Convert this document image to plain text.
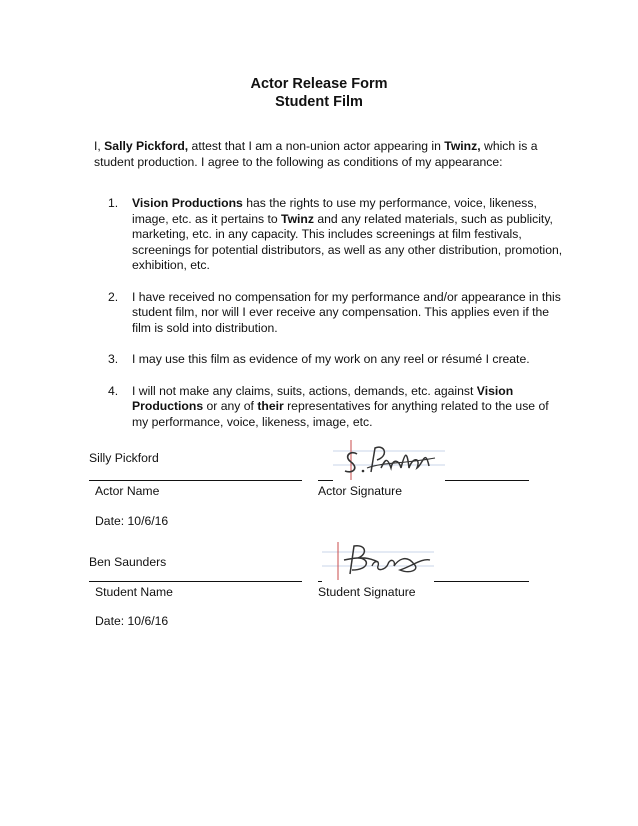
Actor Release Form
Student Film
I, Sally Pickford, attest that I am a non-union actor appearing in Twinz, which is a student production. I agree to the following as conditions of my appearance:
1. Vision Productions has the rights to use my performance, voice, likeness, image, etc. as it pertains to Twinz and any related materials, such as publicity, marketing, etc. in any capacity. This includes screenings at film festivals, screenings for potential distributors, as well as any other distribution, promotion, exhibition, etc.
2. I have received no compensation for my performance and/or appearance in this student film, nor will I ever receive any compensation. This applies even if the film is sold into distribution.
3. I may use this film as evidence of my work on any reel or résumé I create.
4. I will not make any claims, suits, actions, demands, etc. against Vision Productions or any of their representatives for anything related to the use of my performance, voice, likeness, image, etc.
Silly Pickford
Actor Name	Actor Signature
Date: 10/6/16
Ben Saunders
Student Name	Student Signature
Date: 10/6/16
